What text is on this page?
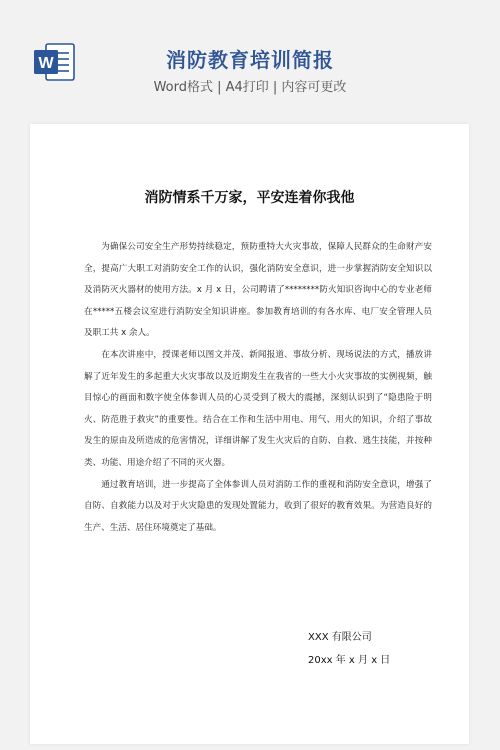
W	消防教育培训简报
Word格式 | A4打印 | 内容可更改
消防情系千万家，平安连着你我他

为确保公司安全生产形势持续稳定，预防重特大火灾事故，保障人民群众的生命财产安全，提高广大职工对消防安全工作的认识，强化消防安全意识，进一步掌握消防安全知识以及消防灭火器材的使用方法。x 月 x 日，公司聘请了********防火知识咨询中心的专业老师在*****五楼会议室进行消防安全知识讲座。参加教育培训的有各水库、电厂安全管理人员及职工共 x 余人。

在本次讲座中，授课老师以图文并茂、新闻报道、事故分析、现场说法的方式，播放讲解了近年发生的多起重大火灾事故以及近期发生在我省的一些大小火灾事故的实例视频，触目惊心的画面和数字使全体参训人员的心灵受到了极大的震撼，深刻认识到了“隐患险于明火、防范胜于救灾”的重要性。结合在工作和生活中用电、用气、用火的知识，介绍了事故发生的原由及所造成的危害情况，详细讲解了发生火灾后的自防、自救、逃生技能，并按种类、功能、用途介绍了不同的灭火器。

通过教育培训，进一步提高了全体参训人员对消防工作的重视和消防安全意识，增强了自防、自救能力以及对于火灾隐患的发现处置能力，收到了很好的教育效果。为营造良好的生产、生活、居住环境奠定了基础。

XXX 有限公司
20xx 年 x 月 x 日
